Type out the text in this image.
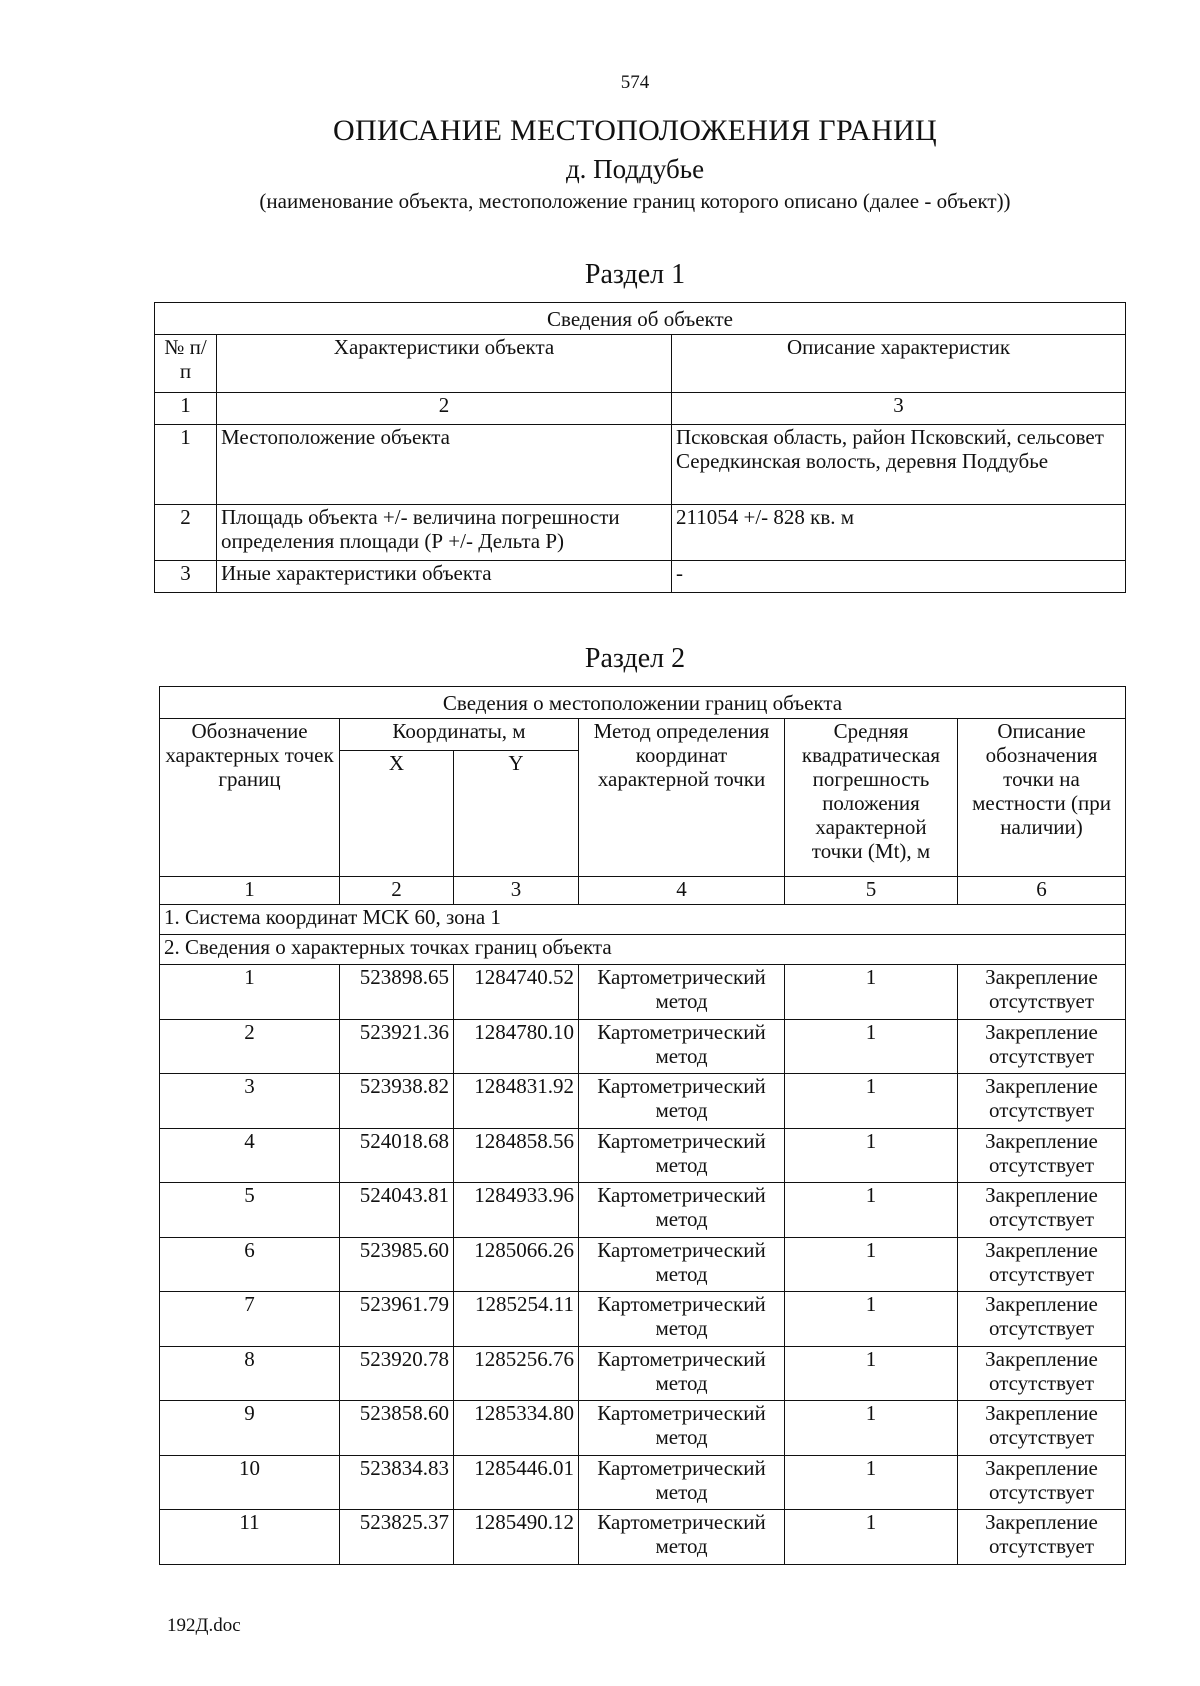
574
ОПИСАНИЕ МЕСТОПОЛОЖЕНИЯ ГРАНИЦ
д. Поддубье
(наименование объекта, местоположение границ которого описано (далее - объект))
Раздел 1
Сведения об объекте		
№ п/п	Характеристики объекта	Описание характеристик
1	2	3
1	Местоположение объекта	Псковская область, район Псковский, сельсовет Середкинская волость, деревня Поддубье
2	Площадь объекта +/- величина погрешности определения площади (Р +/- Дельта Р)	211054 +/- 828 кв. м
3	Иные характеристики объекта	-
Раздел 2
Сведения о местоположении границ объекта					
Обозначение характерных точек границ	Координаты, м		Метод определения координат характерной точки	Средняя квадратическая погрешность положения характерной точки (Мt), м	Описание обозначения точки на местности (при наличии)
	X	Y			
1	2	3	4	5	6
1. Система координат МСК 60, зона 1					
2. Сведения о характерных точках границ объекта					
1	523898.65	1284740.52	Картометрический метод	1	Закрепление отсутствует
2	523921.36	1284780.10	Картометрический метод	1	Закрепление отсутствует
3	523938.82	1284831.92	Картометрический метод	1	Закрепление отсутствует
4	524018.68	1284858.56	Картометрический метод	1	Закрепление отсутствует
5	524043.81	1284933.96	Картометрический метод	1	Закрепление отсутствует
6	523985.60	1285066.26	Картометрический метод	1	Закрепление отсутствует
7	523961.79	1285254.11	Картометрический метод	1	Закрепление отсутствует
8	523920.78	1285256.76	Картометрический метод	1	Закрепление отсутствует
9	523858.60	1285334.80	Картометрический метод	1	Закрепление отсутствует
10	523834.83	1285446.01	Картометрический метод	1	Закрепление отсутствует
11	523825.37	1285490.12	Картометрический метод	1	Закрепление отсутствует
192Д.doc
